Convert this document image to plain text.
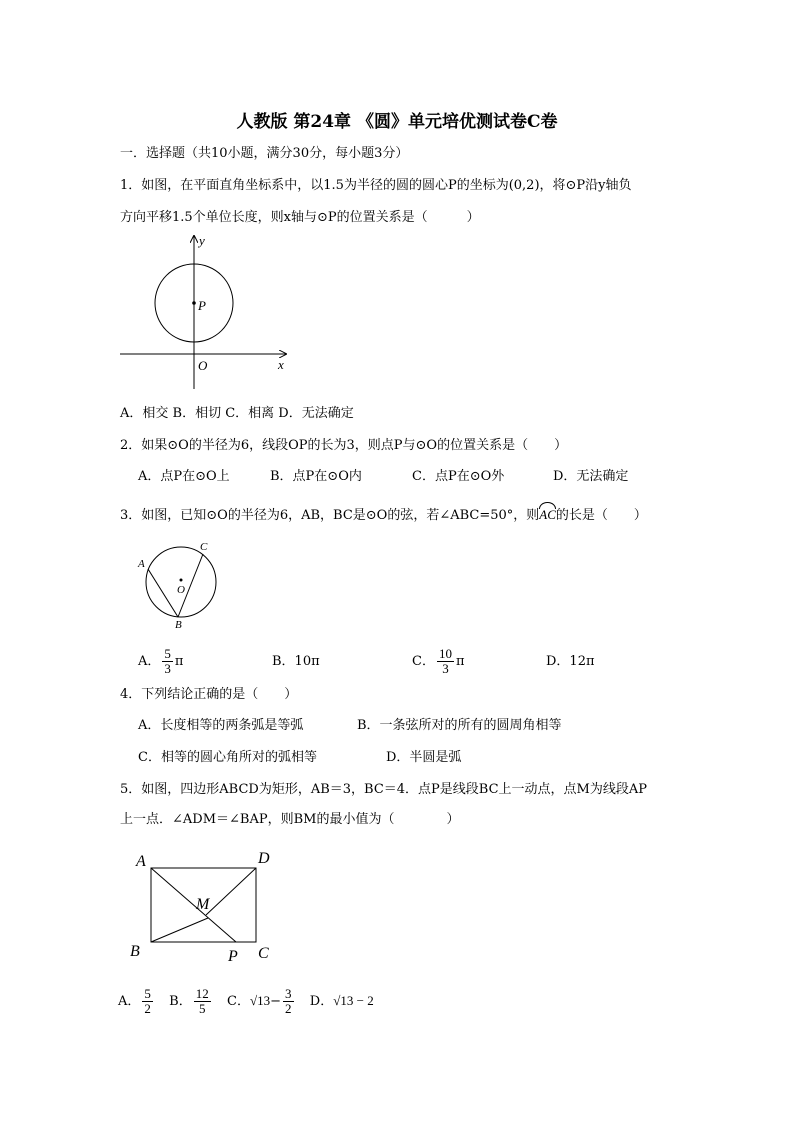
人教版 第24章 《圆》单元培优测试卷C卷
一．选择题（共10小题，满分30分，每小题3分）
1．如图，在平面直角坐标系中，以1.5为半径的圆的圆心P的坐标为(0,2)，将⊙P沿y轴负
方向平移1.5个单位长度，则x轴与⊙P的位置关系是（　　　）
y
P
O	x
A．相交 B．相切 C．相离 D．无法确定
2．如果⊙O的半径为6，线段OP的长为3，则点P与⊙O的位置关系是（　　）
A．点P在⊙O上	B．点P在⊙O内	C．点P在⊙O外	D．无法确定
3．如图，已知⊙O的半径为6，AB，BC是⊙O的弦，若∠ABC=50°，则AC的长是（　　）
A
C
O
B
A． $\frac{5}{3}$ π	B．10π	C． $\frac{10}{3}$ π	D．12π
4．下列结论正确的是（　　）
A．长度相等的两条弧是等弧	B．一条弦所对的所有的圆周角相等
C．相等的圆心角所对的弧相等	D．半圆是弧
5．如图，四边形ABCD为矩形，AB＝3，BC＝4．点P是线段BC上一动点，点M为线段AP
上一点．∠ADM＝∠BAP，则BM的最小值为（　　　　）
A	D
M
B	P C
A． $\frac{5}{2}$ B． $\frac{12}{5}$ C．$√13- \frac{3}{2}$ D．√13 − 2
